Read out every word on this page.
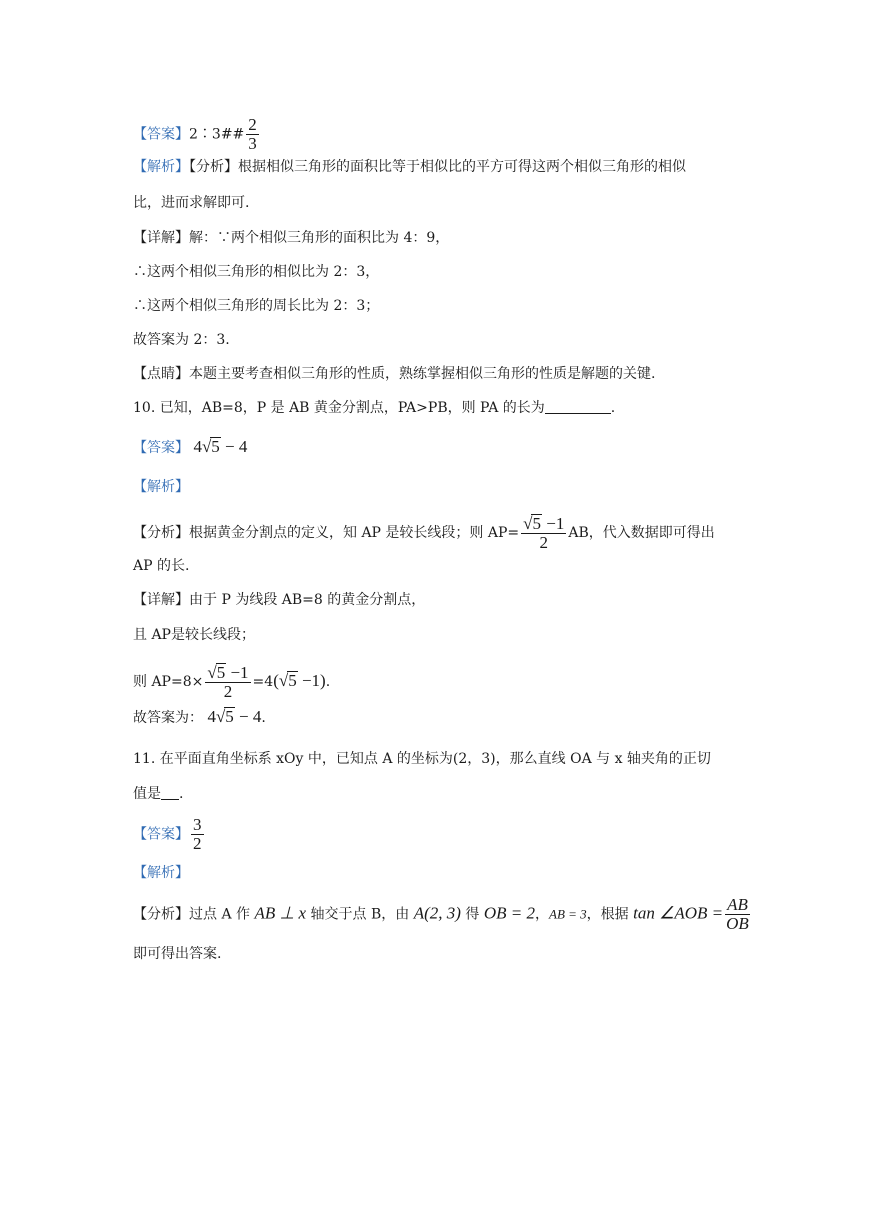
【答案】2∶3## $\frac{2}{3}$
【解析】【分析】根据相似三角形的面积比等于相似比的平方可得这两个相似三角形的相似
比，进而求解即可.
【详解】解：∵两个相似三角形的面积比为 4：9，
∴这两个相似三角形的相似比为 2：3，
∴这两个相似三角形的周长比为 2：3；
故答案为 2：3.
【点睛】本题主要考查相似三角形的性质，熟练掌握相似三角形的性质是解题的关键.
10. 已知，AB=8，P 是 AB 黄金分割点，PA>PB，则 PA 的长为	.
【答案】 4√5 − 4
【解析】
【分析】根据黄金分割点的定义，知 AP 是较长线段；则 $AP= \frac{√5 -1}{2}$ AB，代入数据即可得出
AP 的长.
【详解】由于 P 为线段 AB=8 的黄金分割点，
且 AP是较长线段；
则 $AP=8\times \frac{√5 -1}{2} =4(√5 -1)$.
故答案为： 4√5 − 4.
11. 在平面直角坐标系 xOy 中，已知点 A 的坐标为(2，3)，那么直线 OA 与 x 轴夹角的正切
值是 .
【答案】 $\frac{3}{2}$
【解析】
【分析】过点 A 作 AB ⊥ x 轴交于点 B，由 A(2, 3) 得 OB = 2，AB = 3，根据 tan ∠AOB = $\frac{AB}{OB}$
即可得出答案.
